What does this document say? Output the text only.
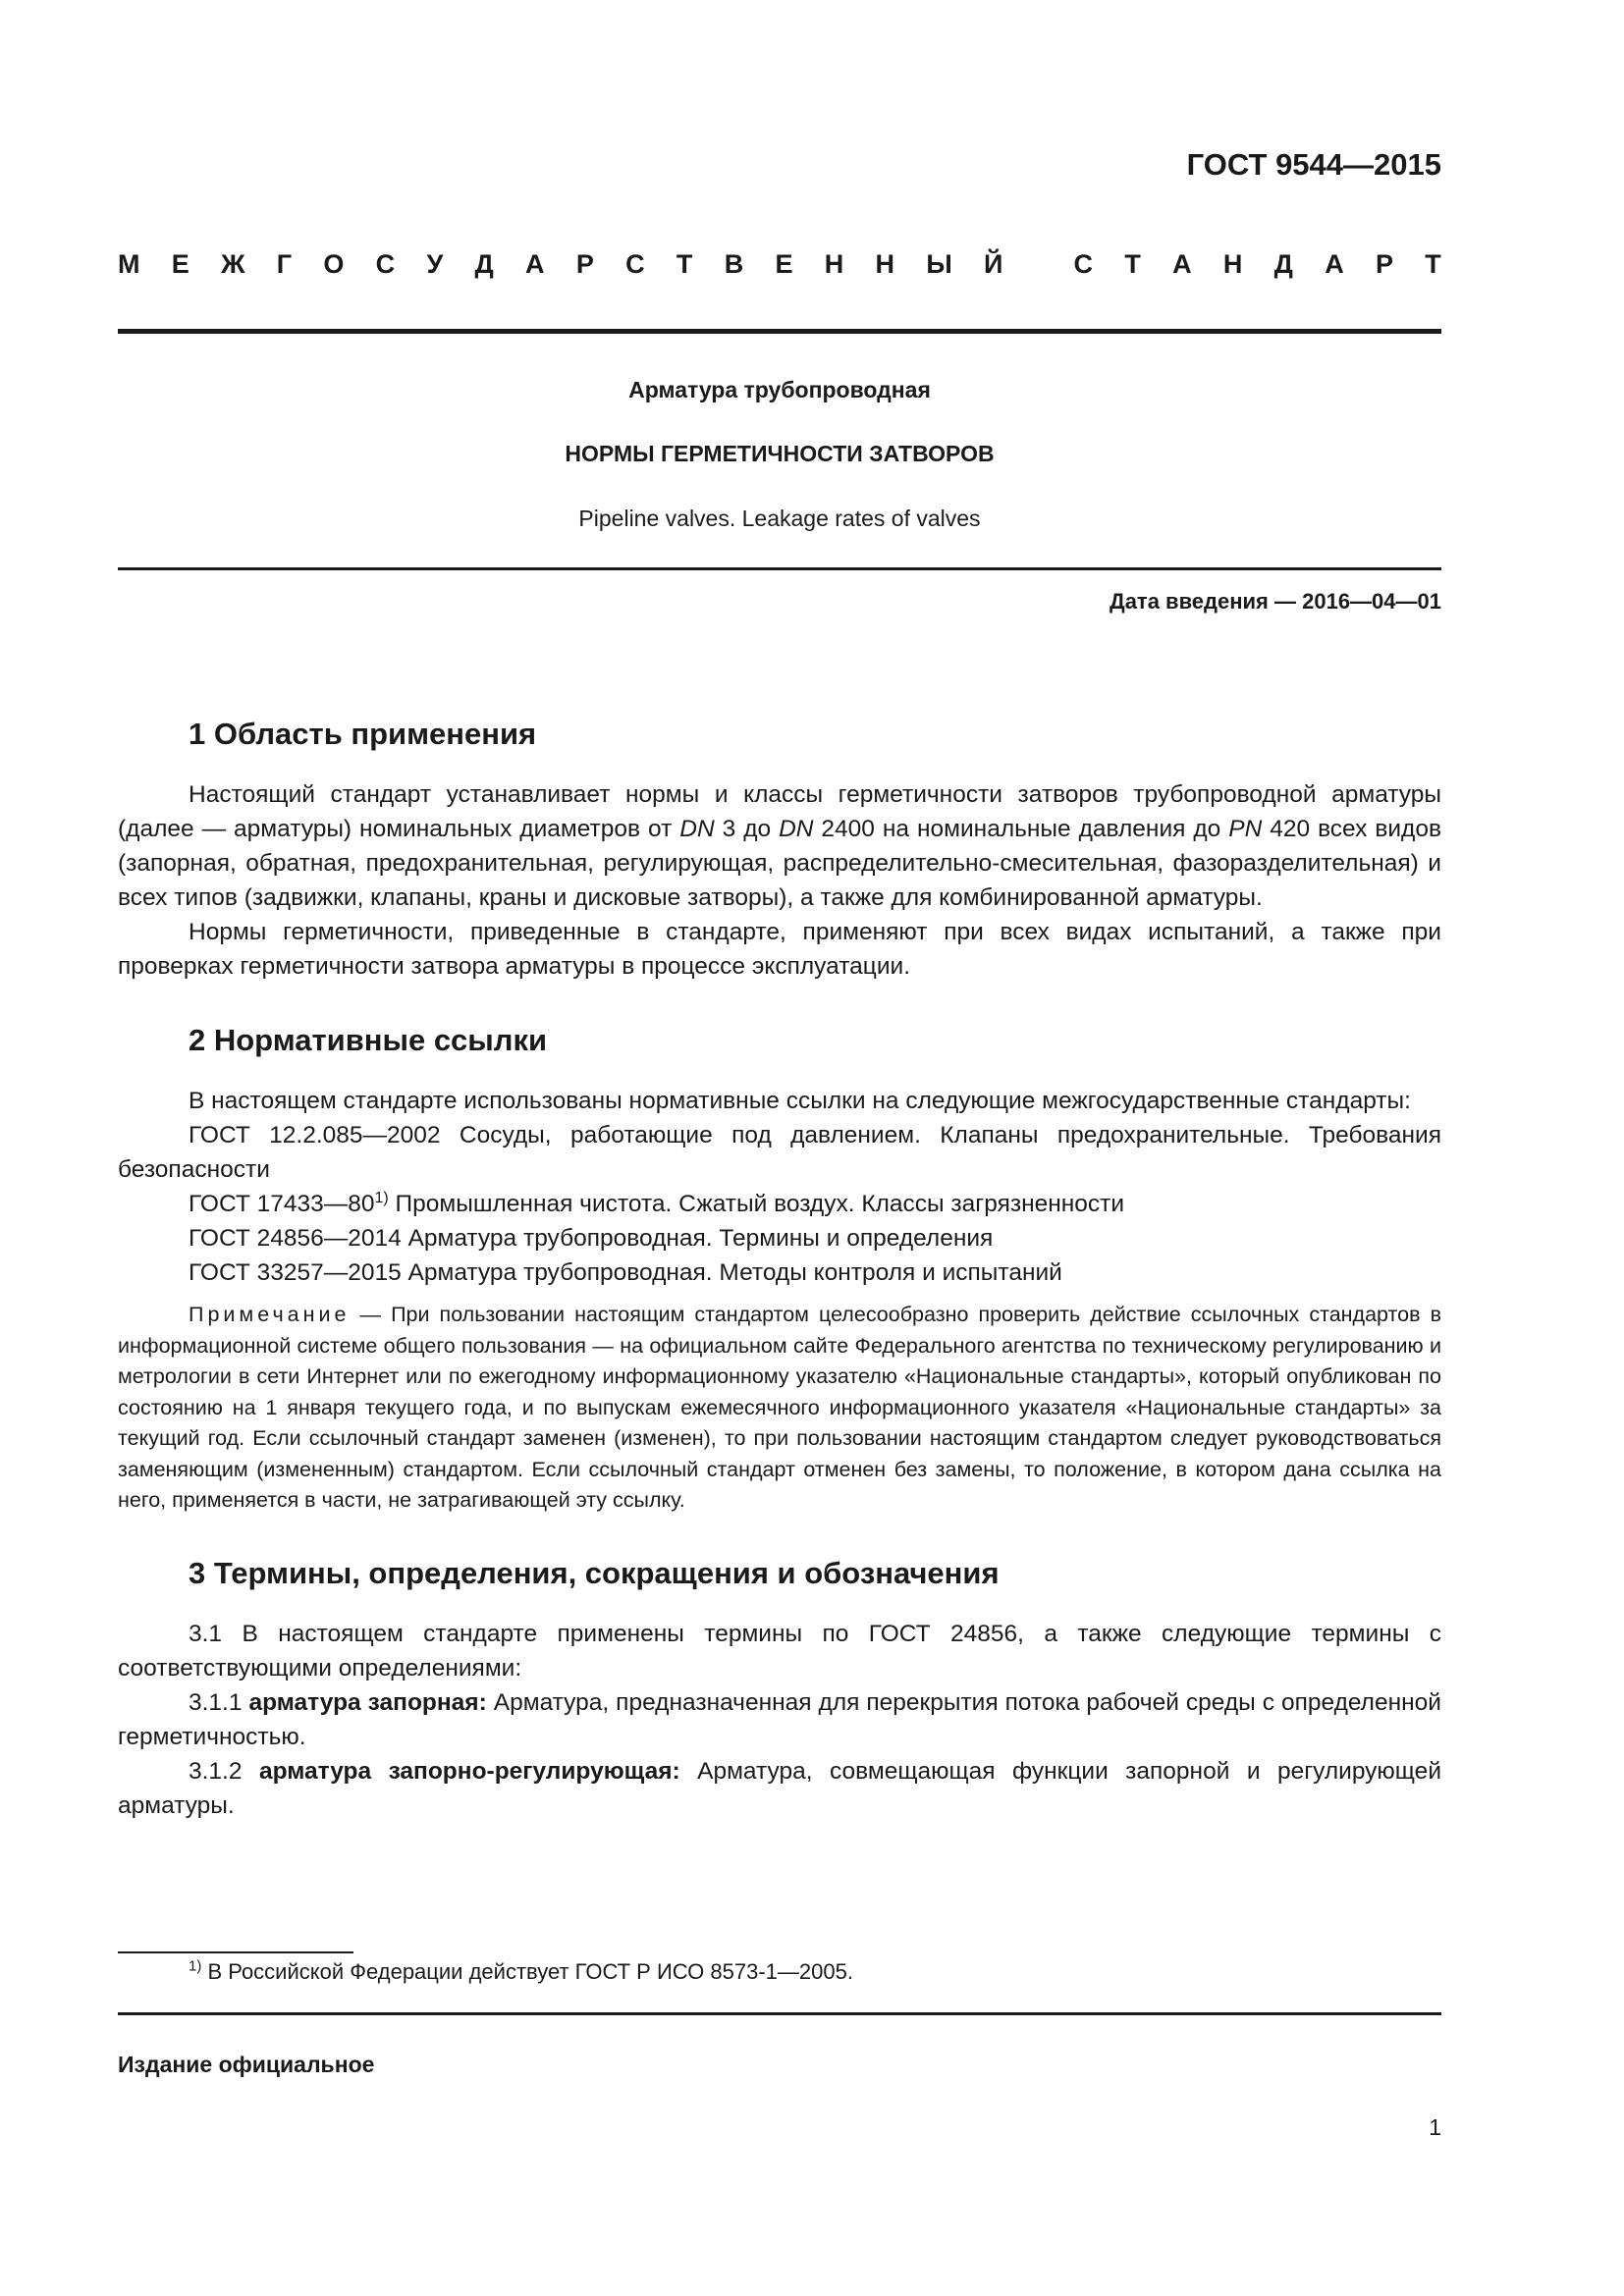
ГОСТ 9544—2015
М Е Ж Г О С У Д А Р С Т В Е Н Н Ы Й
	С Т А Н Д А Р Т
Арматура трубопроводная
НОРМЫ ГЕРМЕТИЧНОСТИ ЗАТВОРОВ
Pipeline valves. Leakage rates of valves
Дата введения — 2016—04—01
1 Область применения

Настоящий стандарт устанавливает нормы и классы герметичности затворов трубопроводной арматуры (далее — арматуры) номинальных диаметров от DN 3 до DN 2400 на номинальные давления до PN 420 всех видов (запорная, обратная, предохранительная, регулирующая, распределительно-смесительная, фазоразделительная) и всех типов (задвижки, клапаны, краны и дисковые затворы), а также для комбинированной арматуры.

Нормы герметичности, приведенные в стандарте, применяют при всех видах испытаний, а также при проверках герметичности затвора арматуры в процессе эксплуатации.

2 Нормативные ссылки

В настоящем стандарте использованы нормативные ссылки на следующие межгосударственные стандарты:

ГОСТ 12.2.085—2002 Сосуды, работающие под давлением. Клапаны предохранительные. Требования безопасности

ГОСТ 17433—80$^{1)}$ Промышленная чистота. Сжатый воздух. Классы загрязненности

ГОСТ 24856—2014 Арматура трубопроводная. Термины и определения

ГОСТ 33257—2015 Арматура трубопроводная. Методы контроля и испытаний

Примечание — При пользовании настоящим стандартом целесообразно проверить действие ссылочных стандартов в информационной системе общего пользования — на официальном сайте Федерального агентства по техническому регулированию и метрологии в сети Интернет или по ежегодному информационному указателю «Национальные стандарты», который опубликован по состоянию на 1 января текущего года, и по выпускам ежемесячного информационного указателя «Национальные стандарты» за текущий год. Если ссылочный стандарт заменен (изменен), то при пользовании настоящим стандартом следует руководствоваться заменяющим (измененным) стандартом. Если ссылочный стандарт отменен без замены, то положение, в котором дана ссылка на него, применяется в части, не затрагивающей эту ссылку.

3 Термины, определения, сокращения и обозначения

3.1 В настоящем стандарте применены термины по ГОСТ 24856, а также следующие термины с соответствующими определениями:

3.1.1 арматура запорная: Арматура, предназначенная для перекрытия потока рабочей среды с определенной герметичностью.

3.1.2 арматура запорно-регулирующая: Арматура, совмещающая функции запорной и регулирующей арматуры.

$^{1)}$ В Российской Федерации действует ГОСТ Р ИСО 8573-1—2005.
Издание официальное
1
